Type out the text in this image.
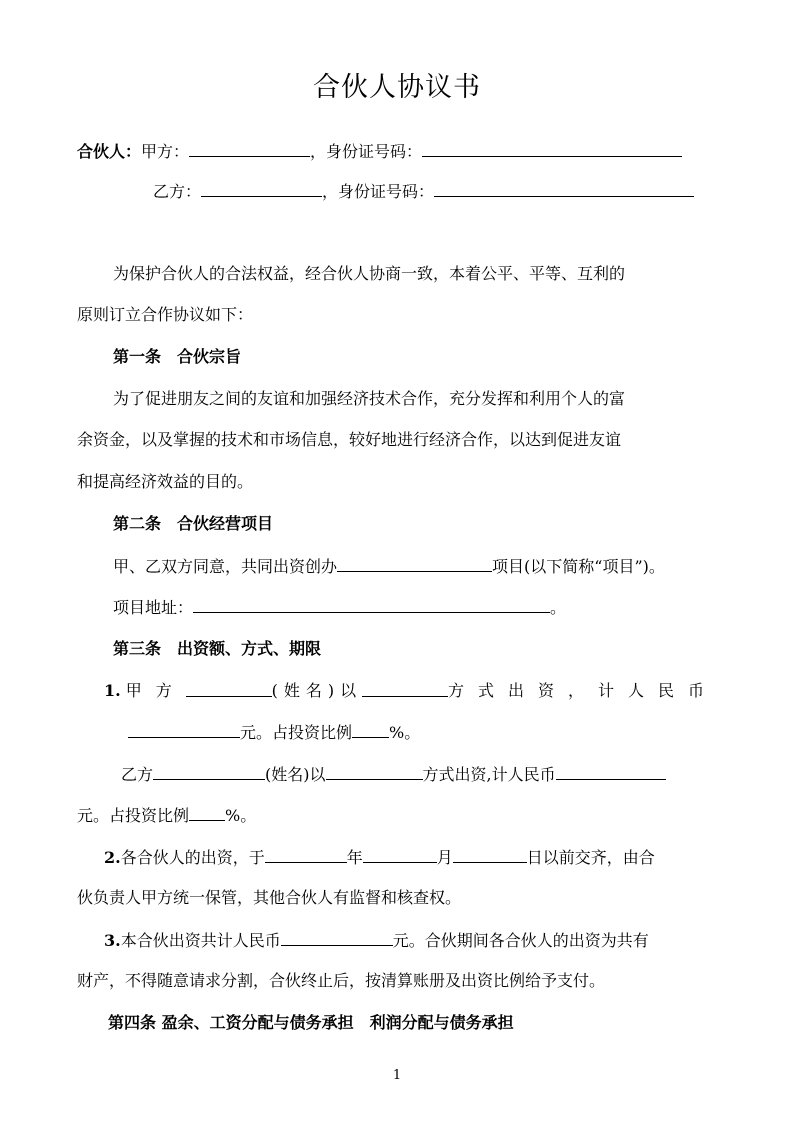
合伙人协议书
合伙人：甲方：	，身份证号码：
乙方：	，身份证号码：
为保护合伙人的合法权益，经合伙人协商一致，本着公平、平等、互利的
原则订立合作协议如下：
第一条　合伙宗旨
为了促进朋友之间的友谊和加强经济技术合作，充分发挥和利用个人的富
余资金，以及掌握的技术和市场信息，较好地进行经济合作，以达到促进友谊
和提高经济效益的目的。
第二条　合伙经营项目
甲、乙双方同意，共同出资创办	项目(以下简称“项目”)。
项目地址：	。
第三条　出资额、方式、期限
1. 甲方	(姓名)以	方式出资， 计人民币
元。占投资比例 %。
乙方	(姓名)以	方式出资,计人民币
元。占投资比例 %。
2.各合伙人的出资，于	年	月	日以前交齐，由合
伙负责人甲方统一保管，其他合伙人有监督和核查权。
3.本合伙出资共计人民币	元。合伙期间各合伙人的出资为共有
财产，不得随意请求分割，合伙终止后，按清算账册及出资比例给予支付。
第四条 盈余、工资分配与债务承担　利润分配与债务承担
1
